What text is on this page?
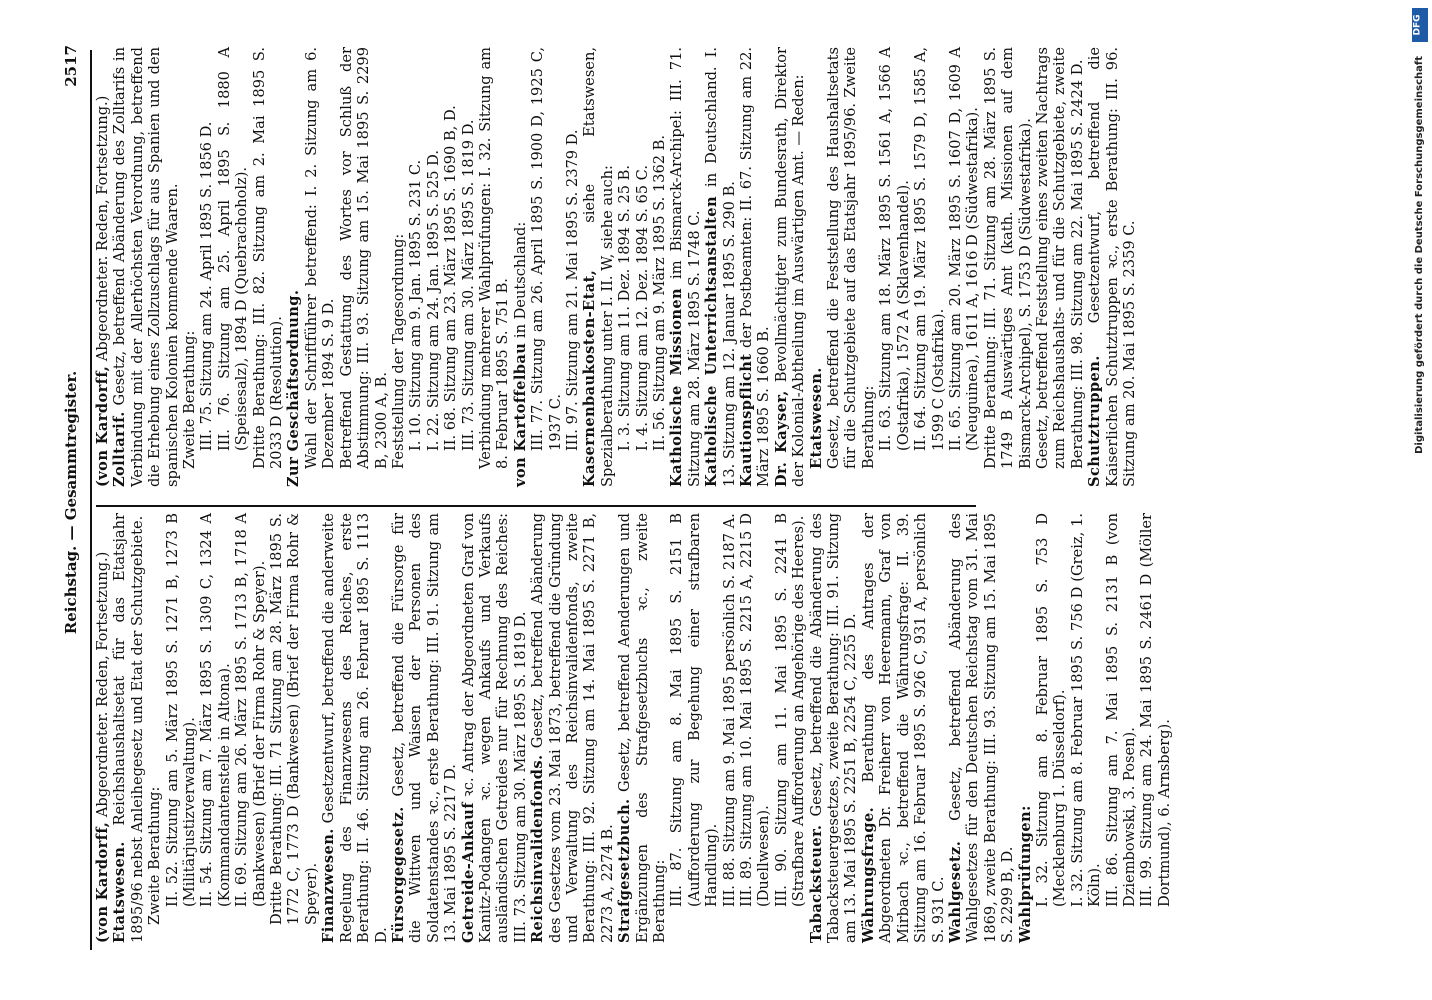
2517
Reichstag. — Gesammtregister.

(von Kardorff, Abgeordneter. Reden, Fortsetzung.)

Etatswesen. Reichshaushaltsetat für das Etatsjahr 1895/96 nebst Anleihegesetz und Etat der Schutzgebiete. Zweite Berathung: II. 52. Sitzung am 5. März 1895 S. 1271 B, 1273 B (Militärjustizverwaltung). II. 54. Sitzung am 7. März 1895 S. 1309 C, 1324 A (Kommandantenstelle in Altona). II. 69. Sitzung am 26. März 1895 S. 1713 B, 1718 A (Bankwesen) (Brief der Firma Rohr & Speyer). Dritte Berathung: III. 71 Sitzung am 28. März 1895 S. 1772 C, 1773 D (Bankwesen) (Brief der Firma Rohr & Speyer). Finanzwesen. Gesetzentwurf, betreffend die anderweite Regelung des Finanzwesens des Reiches, erste Berathung: II. 46. Sitzung am 26. Februar 1895 S. 1113 D. Fürsorgegesetz. Gesetz, betreffend die Fürsorge für die Wittwen und Waisen der Personen des Soldatenstandes ꝛc., erste Berathung: III. 91. Sitzung am 13. Mai 1895 S. 2217 D. Getreide-Ankauf ꝛc. Antrag der Abgeordneten Graf von Kanitz-Podangen ꝛc. wegen Ankaufs und Verkaufs ausländischen Getreides nur für Rechnung des Reiches: III. 73. Sitzung am 30. März 1895 S. 1819 D. Reichsinvalidenfonds. Gesetz, betreffend Abänderung des Gesetzes vom 23. Mai 1873, betreffend die Gründung und Verwaltung des Reichsinvalidenfonds, zweite Berathung: III. 92. Sitzung am 14. Mai 1895 S. 2271 B, 2273 A, 2274 B. Strafgesetzbuch. Gesetz, betreffend Aenderungen und Ergänzungen des Strafgesetzbuchs ꝛc., zweite Berathung: III. 87. Sitzung am 8. Mai 1895 S. 2151 B (Aufforderung zur Begehung einer strafbaren Handlung). III. 88. Sitzung am 9. Mai 1895 persönlich S. 2187 A. III. 89. Sitzung am 10. Mai 1895 S. 2215 A, 2215 D (Duellwesen). III. 90. Sitzung am 11. Mai 1895 S. 2241 B (Strafbare Aufforderung an Angehörige des Heeres). Tabacksteuer. Gesetz, betreffend die Abänderung des Tabacksteuergesetzes, zweite Berathung: III. 91. Sitzung am 13. Mai 1895 S. 2251 B, 2254 C, 2255 D. Währungsfrage. Berathung des Antrages der Abgeordneten Dr. Freiherr von Heeremann, Graf von Mirbach ꝛc., betreffend die Währungsfrage: II. 39. Sitzung am 16. Februar 1895 S. 926 C, 931 A, persönlich S. 931 C. Wahlgesetz. Gesetz, betreffend Abänderung des Wahlgesetzes für den Deutschen Reichstag vom 31. Mai 1869, zweite Berathung: III. 93. Sitzung am 15. Mai 1895 S. 2299 B, D. Wahlprüfungen: I. 32. Sitzung am 8. Februar 1895 S. 753 D (Mecklenburg 1. Düsseldorf). I. 32. Sitzung am 8. Februar 1895 S. 756 D (Greiz, 1. Köln). III. 86. Sitzung am 7. Mai 1895 S. 2131 B (von Dziembowski, 3. Posen). III. 99. Sitzung am 24. Mai 1895 S. 2461 D (Möller Dortmund), 6. Arnsberg).

(von Kardorff, Abgeordneter. Reden, Fortsetzung.)

Zolltarif. Gesetz, betreffend Abänderung des Zolltarifs in Verbindung mit der Allerhöchsten Verordnung, betreffend die Erhebung eines Zollzuschlags für aus Spanien und den spanischen Kolonien kommende Waaren. Zweite Berathung: III. 75. Sitzung am 24. April 1895 S. 1856 D. III. 76. Sitzung am 25. April 1895 S. 1880 A (Speisesalz), 1894 D (Quebrachoholz). Dritte Berathung: III. 82. Sitzung am 2. Mai 1895 S. 2033 D (Resolution). Zur Geschäftsordnung. Wahl der Schriftführer betreffend: I. 2. Sitzung am 6. Dezember 1894 S. 9 D. Betreffend Gestattung des Wortes vor Schluß der Abstimmung: III. 93. Sitzung am 15. Mai 1895 S. 2299 B, 2300 A, B. Feststellung der Tagesordnung: I. 10. Sitzung am 9. Jan. 1895 S. 231 C. I. 22. Sitzung am 24. Jan. 1895 S. 525 D. II. 68. Sitzung am 23. März 1895 S. 1690 B, D. III. 73. Sitzung am 30. März 1895 S. 1819 D. Verbindung mehrerer Wahlprüfungen: I. 32. Sitzung am 8. Februar 1895 S. 751 B. von Kartoffelbau in Deutschland: III. 77. Sitzung am 26. April 1895 S. 1900 D, 1925 C, 1937 C. III. 97. Sitzung am 21. Mai 1895 S. 2379 D. Kasernenbaukosten-Etat, siehe Etatswesen, Spezialberathung unter I. II. W, siehe auch: I. 3. Sitzung am 11. Dez. 1894 S. 25 B. I. 4. Sitzung am 12. Dez. 1894 S. 65 C. II. 56. Sitzung am 9. März 1895 S. 1362 B. Katholische Missionen im Bismarck-Archipel: III. 71. Sitzung am 28. März 1895 S. 1748 C. Katholische Unterrichtsanstalten in Deutschland. I. 13. Sitzung am 12. Januar 1895 S. 290 B. Kautionspflicht der Postbeamten: II. 67. Sitzung am 22. März 1895 S. 1660 B. Dr. Kayser, Bevollmächtigter zum Bundesrath, Direktor der Kolonial-Abtheilung im Auswärtigen Amt. — Reden: Etatswesen. Gesetz, betreffend die Feststellung des Haushaltsetats für die Schutzgebiete auf das Etatsjahr 1895/96. Zweite Berathung: II. 63. Sitzung am 18. März 1895 S. 1561 A, 1566 A (Ostafrika), 1572 A (Sklavenhandel). II. 64. Sitzung am 19. März 1895 S. 1579 D, 1585 A, 1599 C (Ostafrika). II. 65. Sitzung am 20. März 1895 S. 1607 D, 1609 A (Neuguinea), 1611 A, 1616 D (Südwestafrika). Dritte Berathung: III. 71. Sitzung am 28. März 1895 S. 1749 B Auswärtiges Amt (kath. Missionen auf dem Bismarck-Archipel), S. 1753 D (Südwestafrika). Gesetz, betreffend Feststellung eines zweiten Nachtrags zum Reichshaushalts- und für die Schutzgebiete, zweite Berathung: III. 98. Sitzung am 22. Mai 1895 S. 2424 D. Schutztruppen. Gesetzentwurf, betreffend die Kaiserlichen Schutztruppen ꝛc., erste Berathung: III. 96. Sitzung am 20. Mai 1895 S. 2359 C.

DFG
Digitalisierung gefördert durch die Deutsche Forschungsgemeinschaft
